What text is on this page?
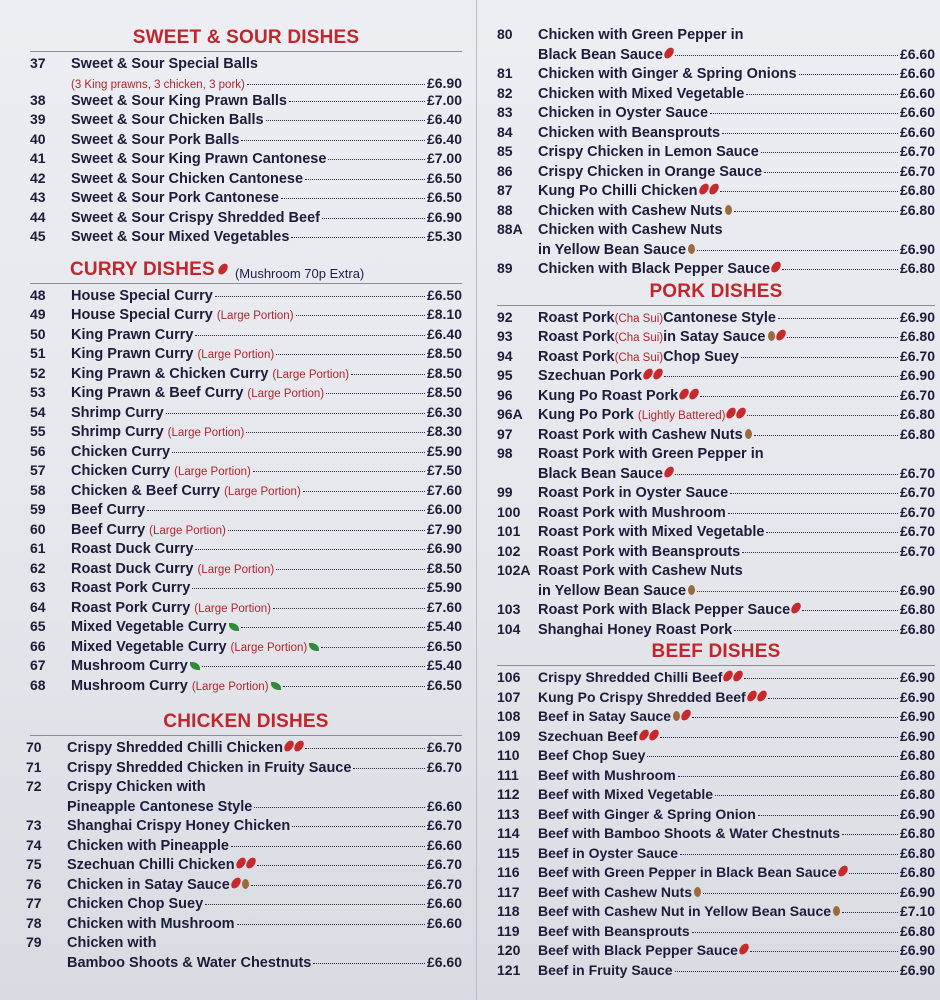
SWEET & SOUR DISHES
37	Sweet & Sour Special Balls
(3 King prawns, 3 chicken, 3 pork)	£6.90
38	Sweet & Sour King Prawn Balls	£7.00
39	Sweet & Sour Chicken Balls	£6.40
40	Sweet & Sour Pork Balls	£6.40
41	Sweet & Sour King Prawn Cantonese	£7.00
42	Sweet & Sour Chicken Cantonese	£6.50
43	Sweet & Sour Pork Cantonese	£6.50
44	Sweet & Sour Crispy Shredded Beef	£6.90
45	Sweet & Sour Mixed Vegetables	£5.30
CURRY DISHES (Mushroom 70p Extra)
48	House Special Curry	£6.50
49	House Special Curry (Large Portion)	£8.10
50	King Prawn Curry	£6.40
51	King Prawn Curry (Large Portion)	£8.50
52	King Prawn & Chicken Curry (Large Portion)	£8.50
53	King Prawn & Beef Curry (Large Portion)	£8.50
54	Shrimp Curry	£6.30
55	Shrimp Curry (Large Portion)	£8.30
56	Chicken Curry	£5.90
57	Chicken Curry (Large Portion)	£7.50
58	Chicken & Beef Curry (Large Portion)	£7.60
59	Beef Curry	£6.00
60	Beef Curry (Large Portion)	£7.90
61	Roast Duck Curry	£6.90
62	Roast Duck Curry (Large Portion)	£8.50
63	Roast Pork Curry	£5.90
64	Roast Pork Curry (Large Portion)	£7.60
65	Mixed Vegetable Curry	£5.40
66	Mixed Vegetable Curry (Large Portion)	£6.50
67	Mushroom Curry	£5.40
68	Mushroom Curry (Large Portion)	£6.50
CHICKEN DISHES
70	Crispy Shredded Chilli Chicken	£6.70
71	Crispy Shredded Chicken in Fruity Sauce	£6.70
72	Crispy Chicken with
Pineapple Cantonese Style	£6.60
73	Shanghai Crispy Honey Chicken	£6.70
74	Chicken with Pineapple	£6.60
75	Szechuan Chilli Chicken	£6.70
76	Chicken in Satay Sauce	£6.70
77	Chicken Chop Suey	£6.60
78	Chicken with Mushroom	£6.60
79	Chicken with
Bamboo Shoots & Water Chestnuts	£6.60
80	Chicken with Green Pepper in
Black Bean Sauce	£6.60
81	Chicken with Ginger & Spring Onions	£6.60
82	Chicken with Mixed Vegetable	£6.60
83	Chicken in Oyster Sauce	£6.60
84	Chicken with Beansprouts	£6.60
85	Crispy Chicken in Lemon Sauce	£6.70
86	Crispy Chicken in Orange Sauce	£6.70
87	Kung Po Chilli Chicken	£6.80
88	Chicken with Cashew Nuts	£6.80
88A	Chicken with Cashew Nuts
in Yellow Bean Sauce	£6.90
89	Chicken with Black Pepper Sauce	£6.80
PORK DISHES
92	Roast Pork (Cha Sui) Cantonese Style	£6.90
93	Roast Pork (Cha Sui) in Satay Sauce	£6.80
94	Roast Pork (Cha Sui) Chop Suey	£6.70
95	Szechuan Pork	£6.90
96	Kung Po Roast Pork	£6.70
96A	Kung Po Pork (Lightly Battered)	£6.80
97	Roast Pork with Cashew Nuts	£6.80
98	Roast Pork with Green Pepper in
Black Bean Sauce	£6.70
99	Roast Pork in Oyster Sauce	£6.70
100	Roast Pork with Mushroom	£6.70
101	Roast Pork with Mixed Vegetable	£6.70
102	Roast Pork with Beansprouts	£6.70
102A Roast Pork with Cashew Nuts
in Yellow Bean Sauce	£6.90
103	Roast Pork with Black Pepper Sauce	£6.80
104	Shanghai Honey Roast Pork	£6.80
BEEF DISHES
106	Crispy Shredded Chilli Beef	£6.90
107	Kung Po Crispy Shredded Beef	£6.90
108	Beef in Satay Sauce	£6.90
109	Szechuan Beef	£6.90
110	Beef Chop Suey	£6.80
111	Beef with Mushroom	£6.80
112	Beef with Mixed Vegetable	£6.80
113	Beef with Ginger & Spring Onion	£6.90
114	Beef with Bamboo Shoots & Water Chestnuts	£6.80
115	Beef in Oyster Sauce	£6.80
116	Beef with Green Pepper in Black Bean Sauce	£6.80
117	Beef with Cashew Nuts	£6.90
118	Beef with Cashew Nut in Yellow Bean Sauce	£7.10
119	Beef with Beansprouts	£6.80
120	Beef with Black Pepper Sauce	£6.90
121	Beef in Fruity Sauce	£6.90
